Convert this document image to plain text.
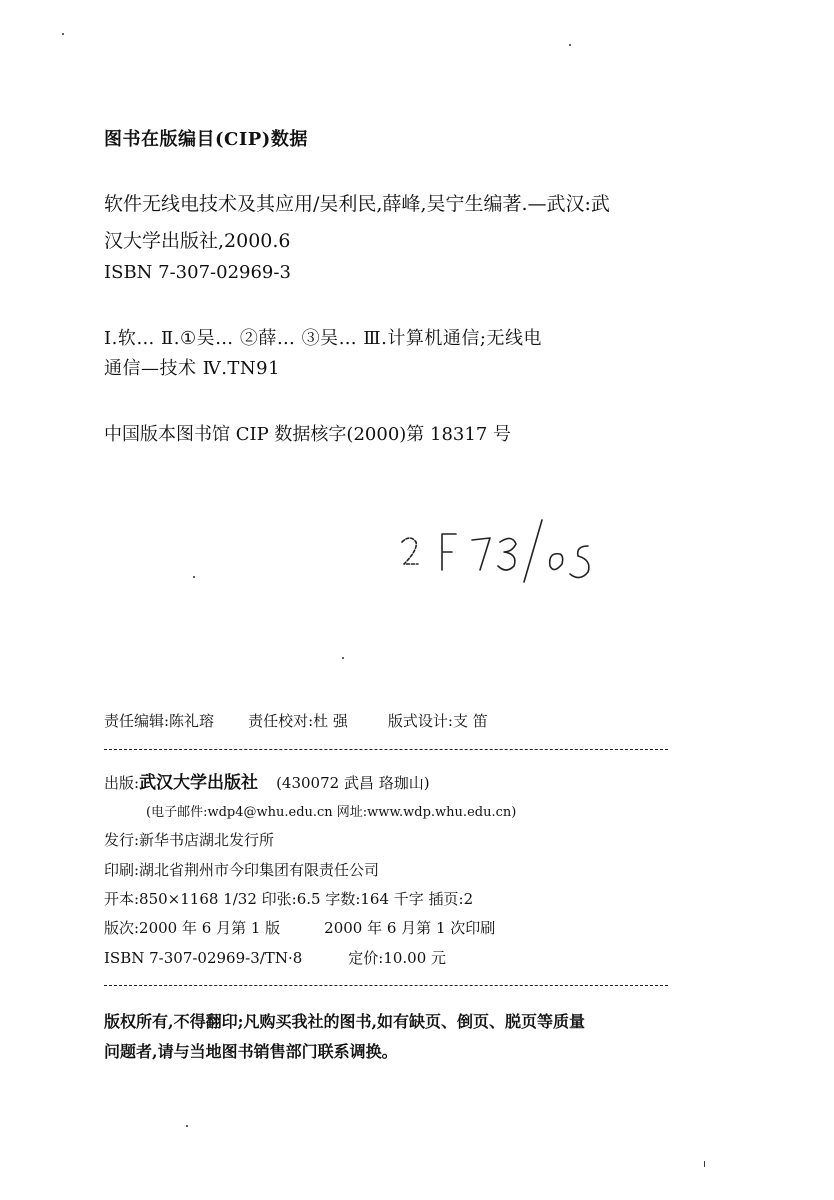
图书在版编目(CIP)数据
软件无线电技术及其应用/吴利民,薛峰,吴宁生编著.—武汉:武
汉大学出版社,2000.6
ISBN 7-307-02969-3
Ⅰ.软… Ⅱ.①吴… ②薛… ③吴… Ⅲ.计算机通信;无线电
通信—技术 Ⅳ.TN91
中国版本图书馆 CIP 数据核字(2000)第 18317 号
责任编辑:陈礼瑢 责任校对:杜 强	版式设计:支 笛
出版:武汉大学出版社 (430072 武昌 珞珈山)
(电子邮件:wdp4@whu.edu.cn 网址:www.wdp.whu.edu.cn)
发行:新华书店湖北发行所
印刷:湖北省荆州市今印集团有限责任公司
开本:850×1168 1/32 印张:6.5 字数:164 千字 插页:2
版次:2000 年 6 月第 1 版	2000 年 6 月第 1 次印刷
ISBN 7-307-02969-3/TN·8	定价:10.00 元
版权所有,不得翻印;凡购买我社的图书,如有缺页、倒页、脱页等质量
问题者,请与当地图书销售部门联系调换。
